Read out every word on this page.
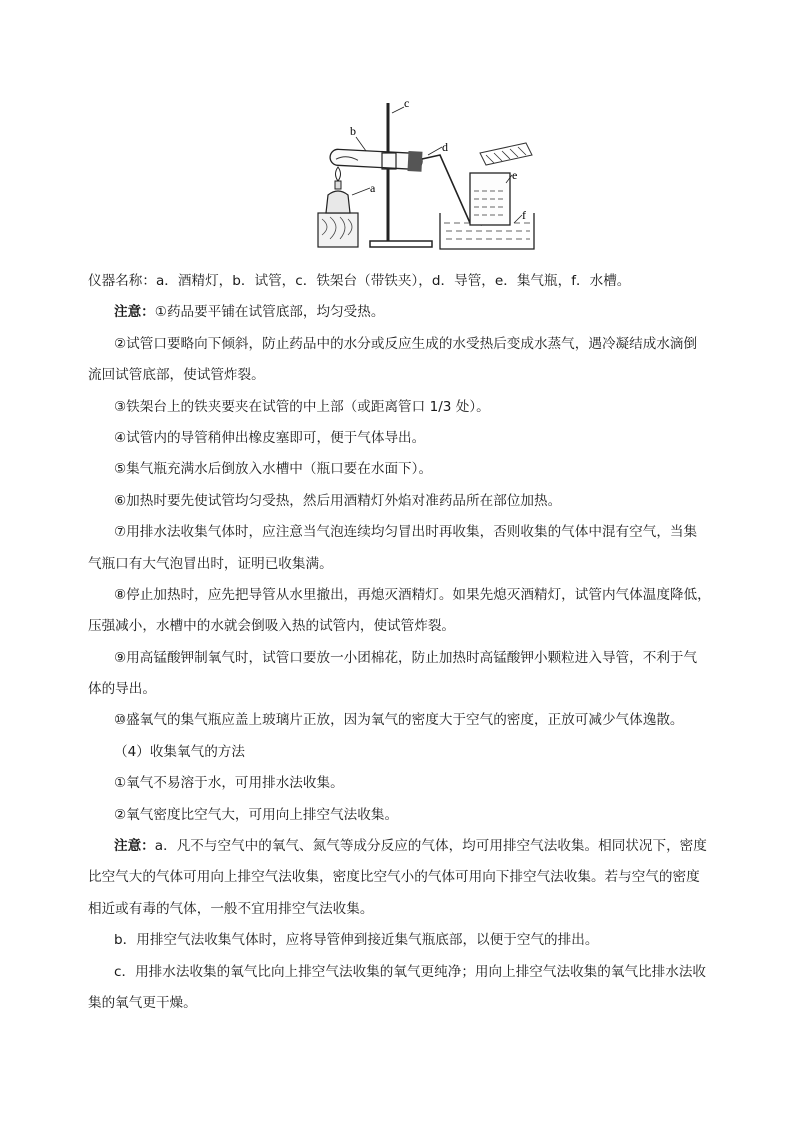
c
b
d
a
e
f
仪器名称：a．酒精灯，b．试管，c．铁架台（带铁夹），d．导管，e．集气瓶，f．水槽。
注意：①药品要平铺在试管底部，均匀受热。
②试管口要略向下倾斜，防止药品中的水分或反应生成的水受热后变成水蒸气，遇冷凝结成水滴倒
流回试管底部，使试管炸裂。
③铁架台上的铁夹要夹在试管的中上部（或距离管口 1/3 处）。
④试管内的导管稍伸出橡皮塞即可，便于气体导出。
⑤集气瓶充满水后倒放入水槽中（瓶口要在水面下）。
⑥加热时要先使试管均匀受热，然后用酒精灯外焰对准药品所在部位加热。
⑦用排水法收集气体时，应注意当气泡连续均匀冒出时再收集，否则收集的气体中混有空气，当集
气瓶口有大气泡冒出时，证明已收集满。
⑧停止加热时，应先把导管从水里撤出，再熄灭酒精灯。如果先熄灭酒精灯，试管内气体温度降低，
压强减小，水槽中的水就会倒吸入热的试管内，使试管炸裂。
⑨用高锰酸钾制氧气时，试管口要放一小团棉花，防止加热时高锰酸钾小颗粒进入导管，不利于气
体的导出。
⑩盛氧气的集气瓶应盖上玻璃片正放，因为氧气的密度大于空气的密度，正放可减少气体逸散。
（4）收集氧气的方法
①氧气不易溶于水，可用排水法收集。
②氧气密度比空气大，可用向上排空气法收集。
注意：a．凡不与空气中的氧气、氮气等成分反应的气体，均可用排空气法收集。相同状况下，密度
比空气大的气体可用向上排空气法收集，密度比空气小的气体可用向下排空气法收集。若与空气的密度
相近或有毒的气体，一般不宜用排空气法收集。
b．用排空气法收集气体时，应将导管伸到接近集气瓶底部，以便于空气的排出。
c．用排水法收集的氧气比向上排空气法收集的氧气更纯净；用向上排空气法收集的氧气比排水法收
集的氧气更干燥。
